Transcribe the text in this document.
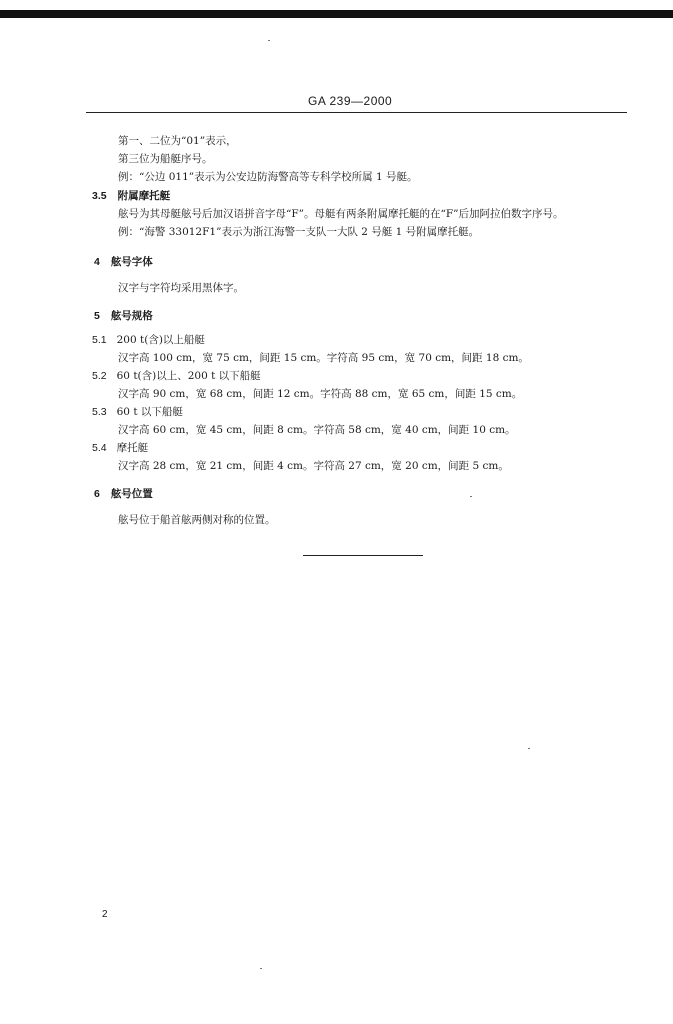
GA 239—2000
第一、二位为“01”表示，
第三位为船艇序号。
例：“公边 011”表示为公安边防海警高等专科学校所属 1 号艇。
3.5 附属摩托艇
舷号为其母艇舷号后加汉语拼音字母“F”。母艇有两条附属摩托艇的在“F”后加阿拉伯数字序号。
例：“海警 33012F1”表示为浙江海警一支队一大队 2 号艇 1 号附属摩托艇。
4 舷号字体
汉字与字符均采用黑体字。
5 舷号规格
5.1 200 t(含)以上船艇
汉字高 100 cm，宽 75 cm，间距 15 cm。字符高 95 cm，宽 70 cm，间距 18 cm。
5.2 60 t(含)以上、200 t 以下船艇
汉字高 90 cm，宽 68 cm，间距 12 cm。字符高 88 cm，宽 65 cm，间距 15 cm。
5.3 60 t 以下船艇
汉字高 60 cm，宽 45 cm，间距 8 cm。字符高 58 cm，宽 40 cm，间距 10 cm。
5.4 摩托艇
汉字高 28 cm，宽 21 cm，间距 4 cm。字符高 27 cm，宽 20 cm，间距 5 cm。
6 舷号位置
舷号位于船首舷两侧对称的位置。
2
